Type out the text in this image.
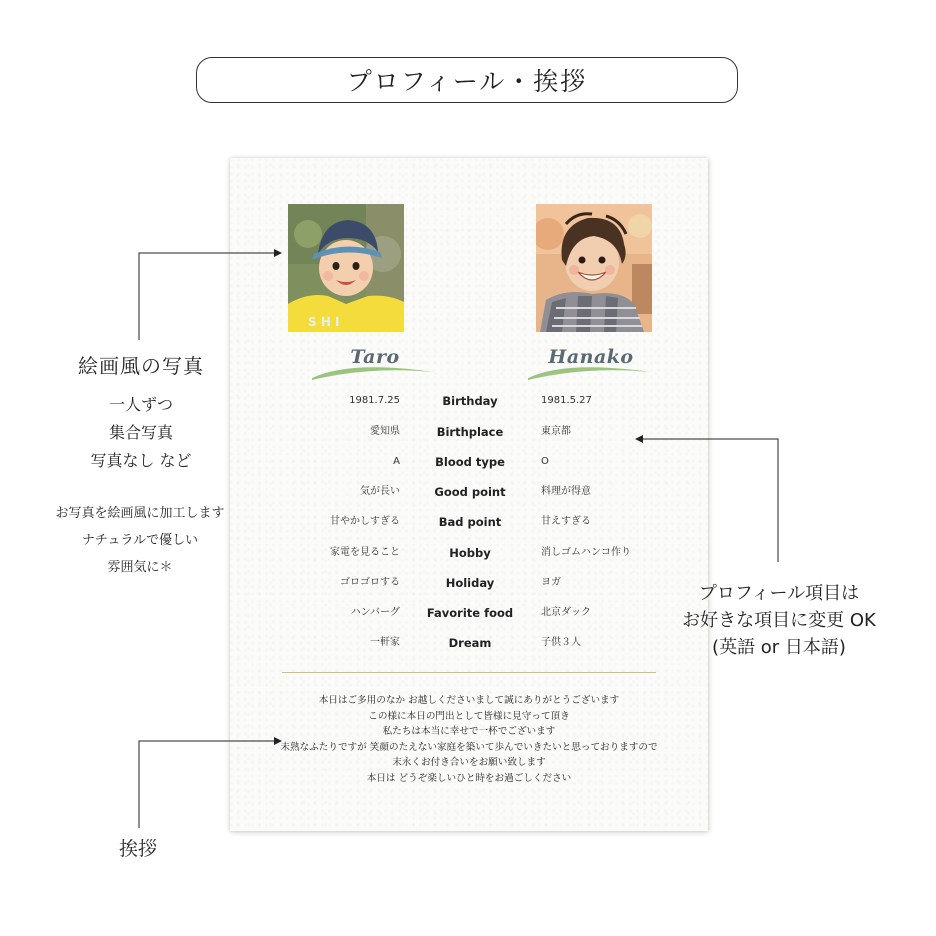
プロフィール・挨拶
S H I
Taro	Hanako
1981.7.25	Birthday	1981.5.27
愛知県	Birthplace	東京都
A	Blood type	O
気が長い	Good point	料理が得意
甘やかしすぎる	Bad point	甘えすぎる
家電を見ること	Hobby	消しゴムハンコ作り
ゴロゴロする	Holiday	ヨガ
ハンバーグ	Favorite food	北京ダック
一軒家	Dream	子供３人
本日はご多用のなか お越しくださいまして誠にありがとうございます
この様に本日の門出として皆様に見守って頂き
私たちは本当に幸せで一杯でございます
未熟なふたりですが 笑顔のたえない家庭を築いて歩んでいきたいと思っておりますので
末永くお付き合いをお願い致します
本日は どうぞ楽しいひと時をお過ごしください
絵画風の写真
一人ずつ
集合写真
写真なし など
お写真を絵画風に加工します
ナチュラルで優しい
雰囲気に＊
プロフィール項目は
お好きな項目に変更 OK
(英語 or 日本語)
挨拶
